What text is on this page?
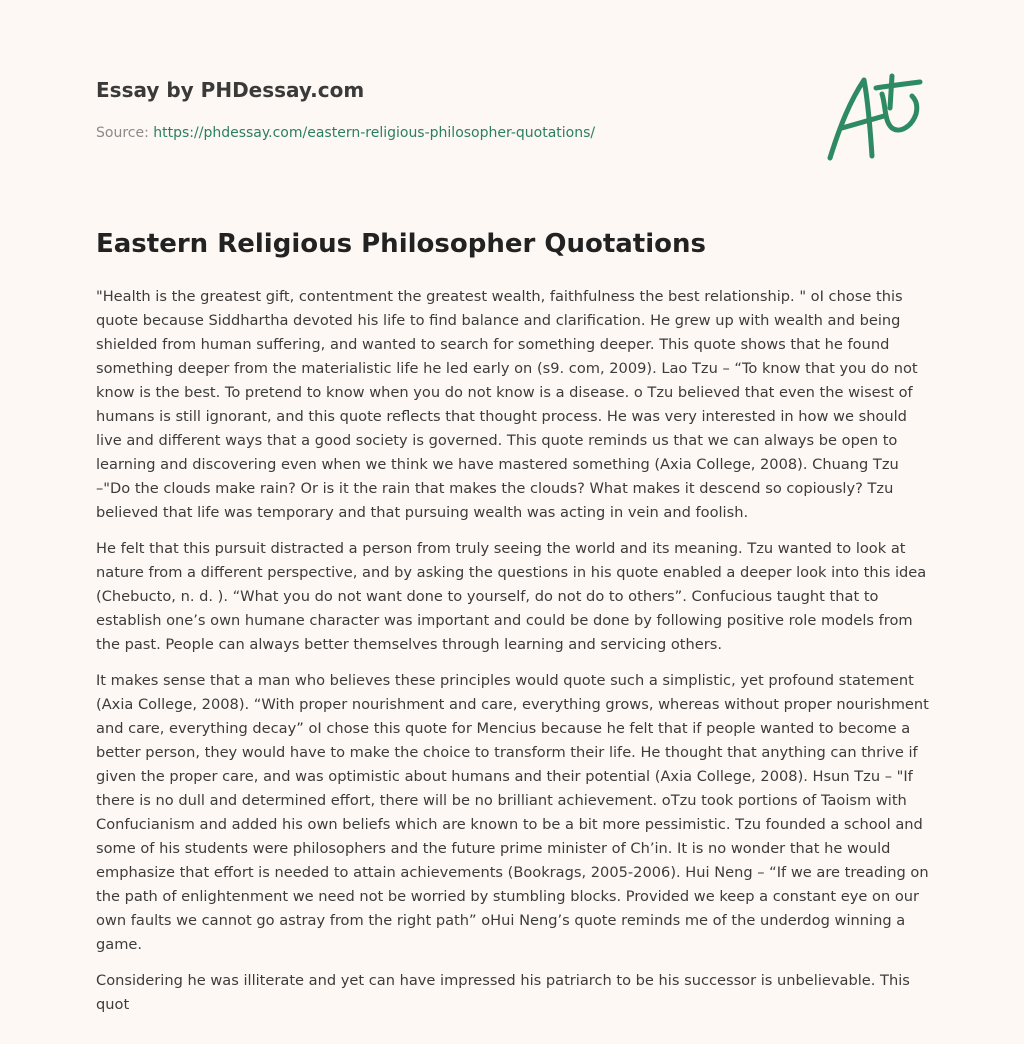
Essay by PHDessay.com
Source: https://phdessay.com/eastern-religious-philosopher-quotations/
Eastern Religious Philosopher Quotations

"Health is the greatest gift, contentment the greatest wealth, faithfulness the best relationship. " oI chose this quote because Siddhartha devoted his life to find balance and clarification. He grew up with wealth and being shielded from human suffering, and wanted to search for something deeper. This quote shows that he found something deeper from the materialistic life he led early on (s9. com, 2009). Lao Tzu – “To know that you do not know is the best. To pretend to know when you do not know is a disease. o Tzu believed that even the wisest of humans is still ignorant, and this quote reflects that thought process. He was very interested in how we should live and different ways that a good society is governed. This quote reminds us that we can always be open to learning and discovering even when we think we have mastered something (Axia College, 2008). Chuang Tzu –"Do the clouds make rain? Or is it the rain that makes the clouds? What makes it descend so copiously? Tzu believed that life was temporary and that pursuing wealth was acting in vein and foolish.

He felt that this pursuit distracted a person from truly seeing the world and its meaning. Tzu wanted to look at nature from a different perspective, and by asking the questions in his quote enabled a deeper look into this idea (Chebucto, n. d. ). “What you do not want done to yourself, do not do to others”. Confucious taught that to establish one’s own humane character was important and could be done by following positive role models from the past. People can always better themselves through learning and servicing others.

It makes sense that a man who believes these principles would quote such a simplistic, yet profound statement (Axia College, 2008). “With proper nourishment and care, everything grows, whereas without proper nourishment and care, everything decay” oI chose this quote for Mencius because he felt that if people wanted to become a better person, they would have to make the choice to transform their life. He thought that anything can thrive if given the proper care, and was optimistic about humans and their potential (Axia College, 2008). Hsun Tzu – "If there is no dull and determined effort, there will be no brilliant achievement. oTzu took portions of Taoism with Confucianism and added his own beliefs which are known to be a bit more pessimistic. Tzu founded a school and some of his students were philosophers and the future prime minister of Ch’in. It is no wonder that he would emphasize that effort is needed to attain achievements (Bookrags, 2005-2006). Hui Neng – “If we are treading on the path of enlightenment we need not be worried by stumbling blocks. Provided we keep a constant eye on our own faults we cannot go astray from the right path” oHui Neng’s quote reminds me of the underdog winning a game.

Considering he was illiterate and yet can have impressed his patriarch to be his successor is unbelievable. This quot
